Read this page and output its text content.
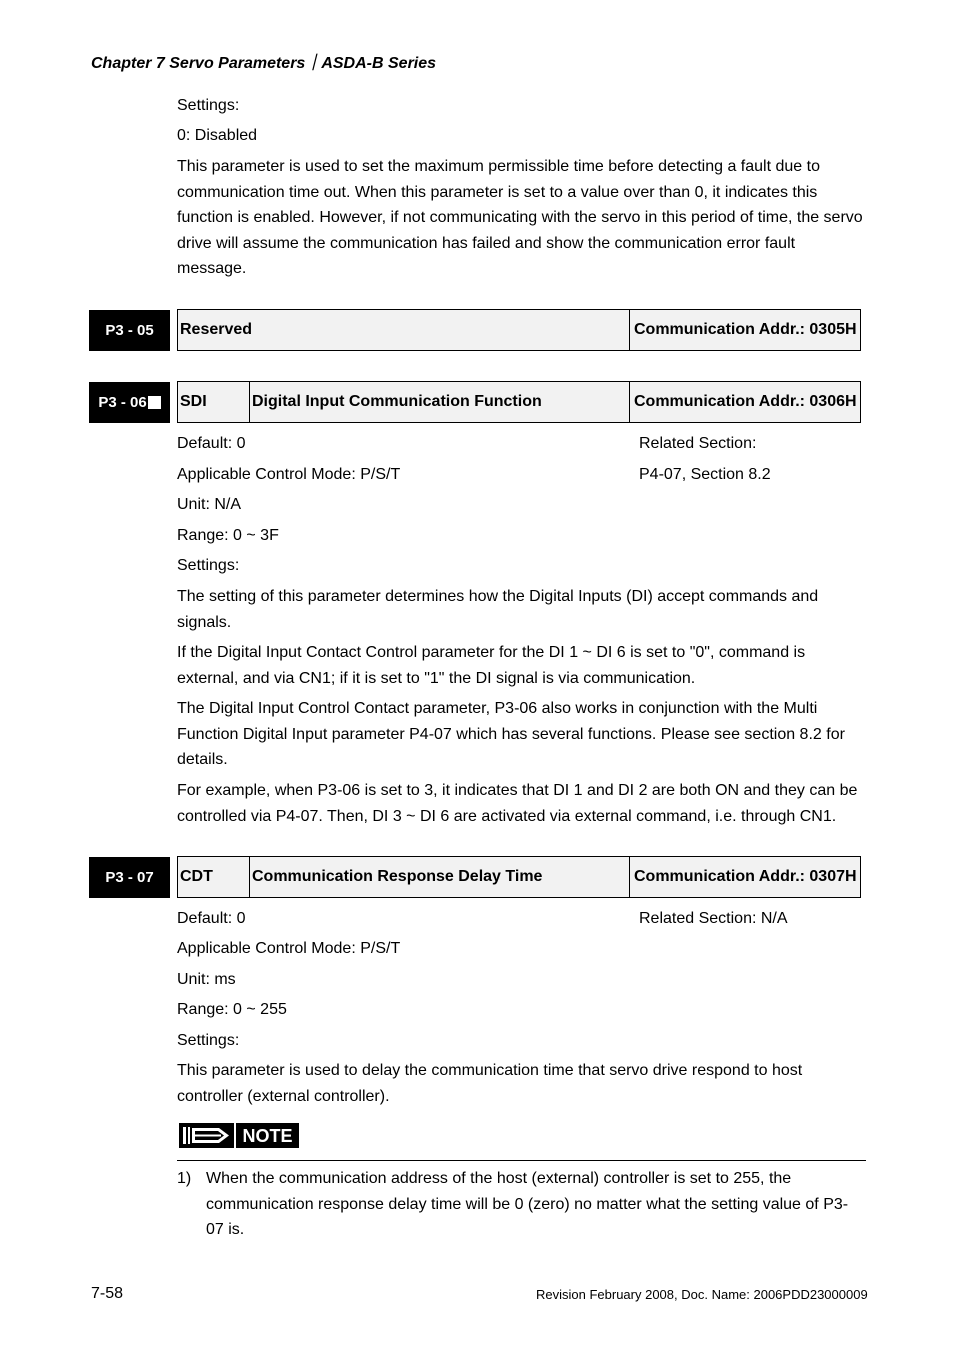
Chapter 7 Servo Parameters｜ASDA-B Series
Settings:
0: Disabled
This parameter is used to set the maximum permissible time before detecting a fault due to communication time out. When this parameter is set to a value over than 0, it indicates this function is enabled. However, if not communicating with the servo in this period of time, the servo drive will assume the communication has failed and show the communication error fault message.
P3 - 05 Reserved	Communication Addr.: 0305H
P3 - 06 SDI	Digital Input Communication Function	Communication Addr.: 0306H
Default: 0	Related Section:
Applicable Control Mode: P/S/T	P4-07, Section 8.2
Unit: N/A
Range: 0 ~ 3F
Settings:
The setting of this parameter determines how the Digital Inputs (DI) accept commands and signals.
If the Digital Input Contact Control parameter for the DI 1 ~ DI 6 is set to "0", command is external, and via CN1; if it is set to "1" the DI signal is via communication.
The Digital Input Control Contact parameter, P3-06 also works in conjunction with the Multi Function Digital Input parameter P4-07 which has several functions. Please see section 8.2 for details.
For example, when P3-06 is set to 3, it indicates that DI 1 and DI 2 are both ON and they can be controlled via P4-07. Then, DI 3 ~ DI 6 are activated via external command, i.e. through CN1.
P3 - 07 CDT	Communication Response Delay Time	Communication Addr.: 0307H
Default: 0	Related Section: N/A
Applicable Control Mode: P/S/T
Unit: ms
Range: 0 ~ 255
Settings:
This parameter is used to delay the communication time that servo drive respond to host controller (external controller).
NOTE
1) When the communication address of the host (external) controller is set to 255, the communication response delay time will be 0 (zero) no matter what the setting value of P3-07 is.
7-58	Revision February 2008, Doc. Name: 2006PDD23000009
